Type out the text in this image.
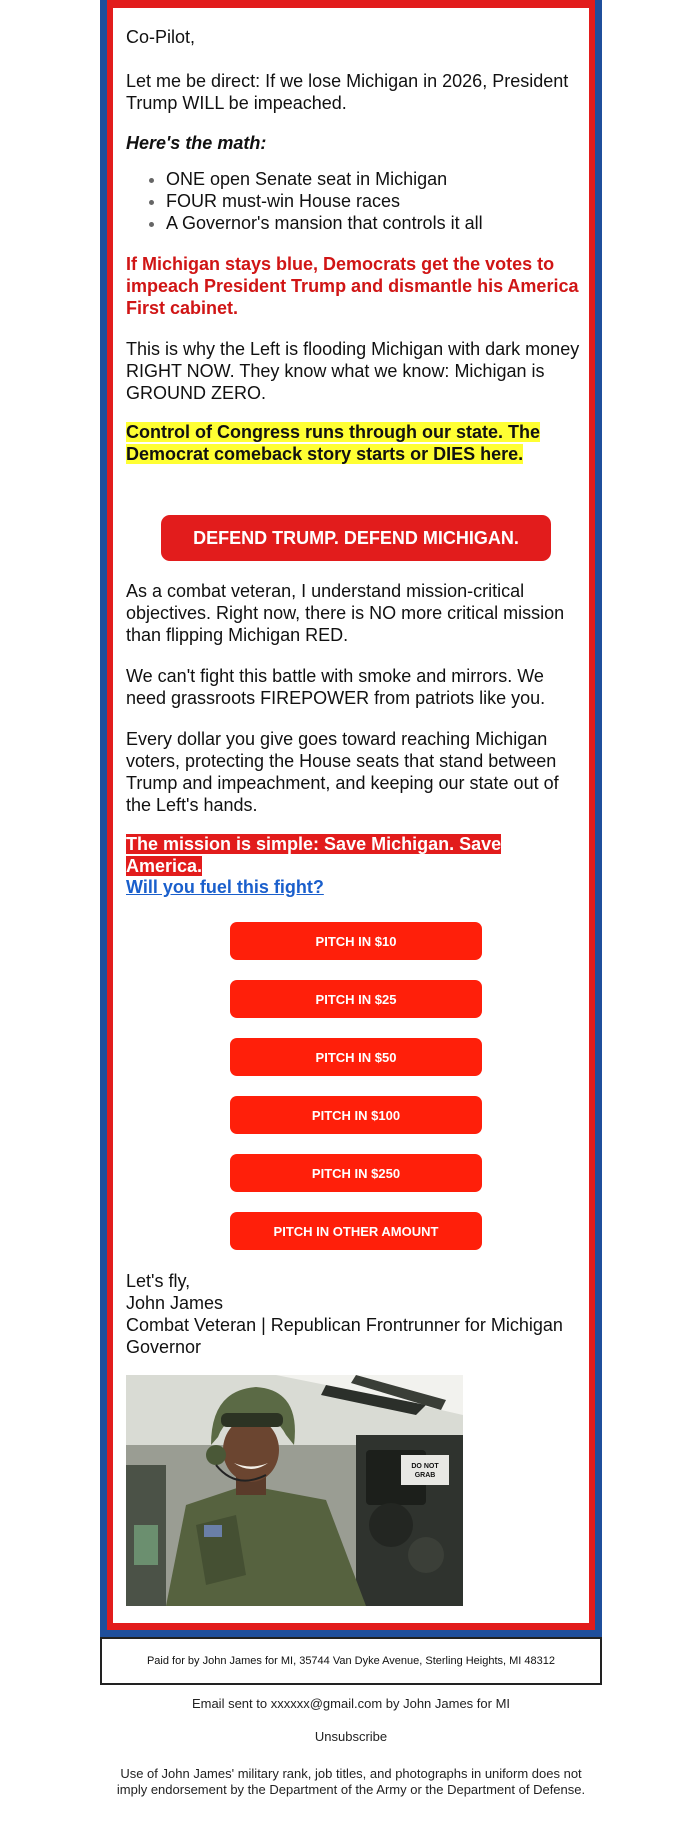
Co-Pilot,
Let me be direct: If we lose Michigan in 2026, President Trump WILL be impeached.
Here's the math:
• ONE open Senate seat in Michigan
• FOUR must-win House races
• A Governor's mansion that controls it all
If Michigan stays blue, Democrats get the votes to impeach President Trump and dismantle his America First cabinet.
This is why the Left is flooding Michigan with dark money RIGHT NOW. They know what we know: Michigan is GROUND ZERO.
Control of Congress runs through our state. The Democrat comeback story starts or DIES here.
DEFEND TRUMP. DEFEND MICHIGAN.
As a combat veteran, I understand mission-critical objectives. Right now, there is NO more critical mission than flipping Michigan RED.
We can't fight this battle with smoke and mirrors. We need grassroots FIREPOWER from patriots like you.
Every dollar you give goes toward reaching Michigan voters, protecting the House seats that stand between Trump and impeachment, and keeping our state out of the Left's hands.
The mission is simple: Save Michigan. Save America.
Will you fuel this fight?
PITCH IN $10
PITCH IN $25
PITCH IN $50
PITCH IN $100
PITCH IN $250
PITCH IN OTHER AMOUNT
Let's fly,
John James
Combat Veteran | Republican Frontrunner for Michigan Governor
DO NOT
GRAB
Paid for by John James for MI, 35744 Van Dyke Avenue, Sterling Heights, MI 48312
Email sent to xxxxxx@gmail.com by John James for MI
Unsubscribe
Use of John James' military rank, job titles, and photographs in uniform does not imply endorsement by the Department of the Army or the Department of Defense.
